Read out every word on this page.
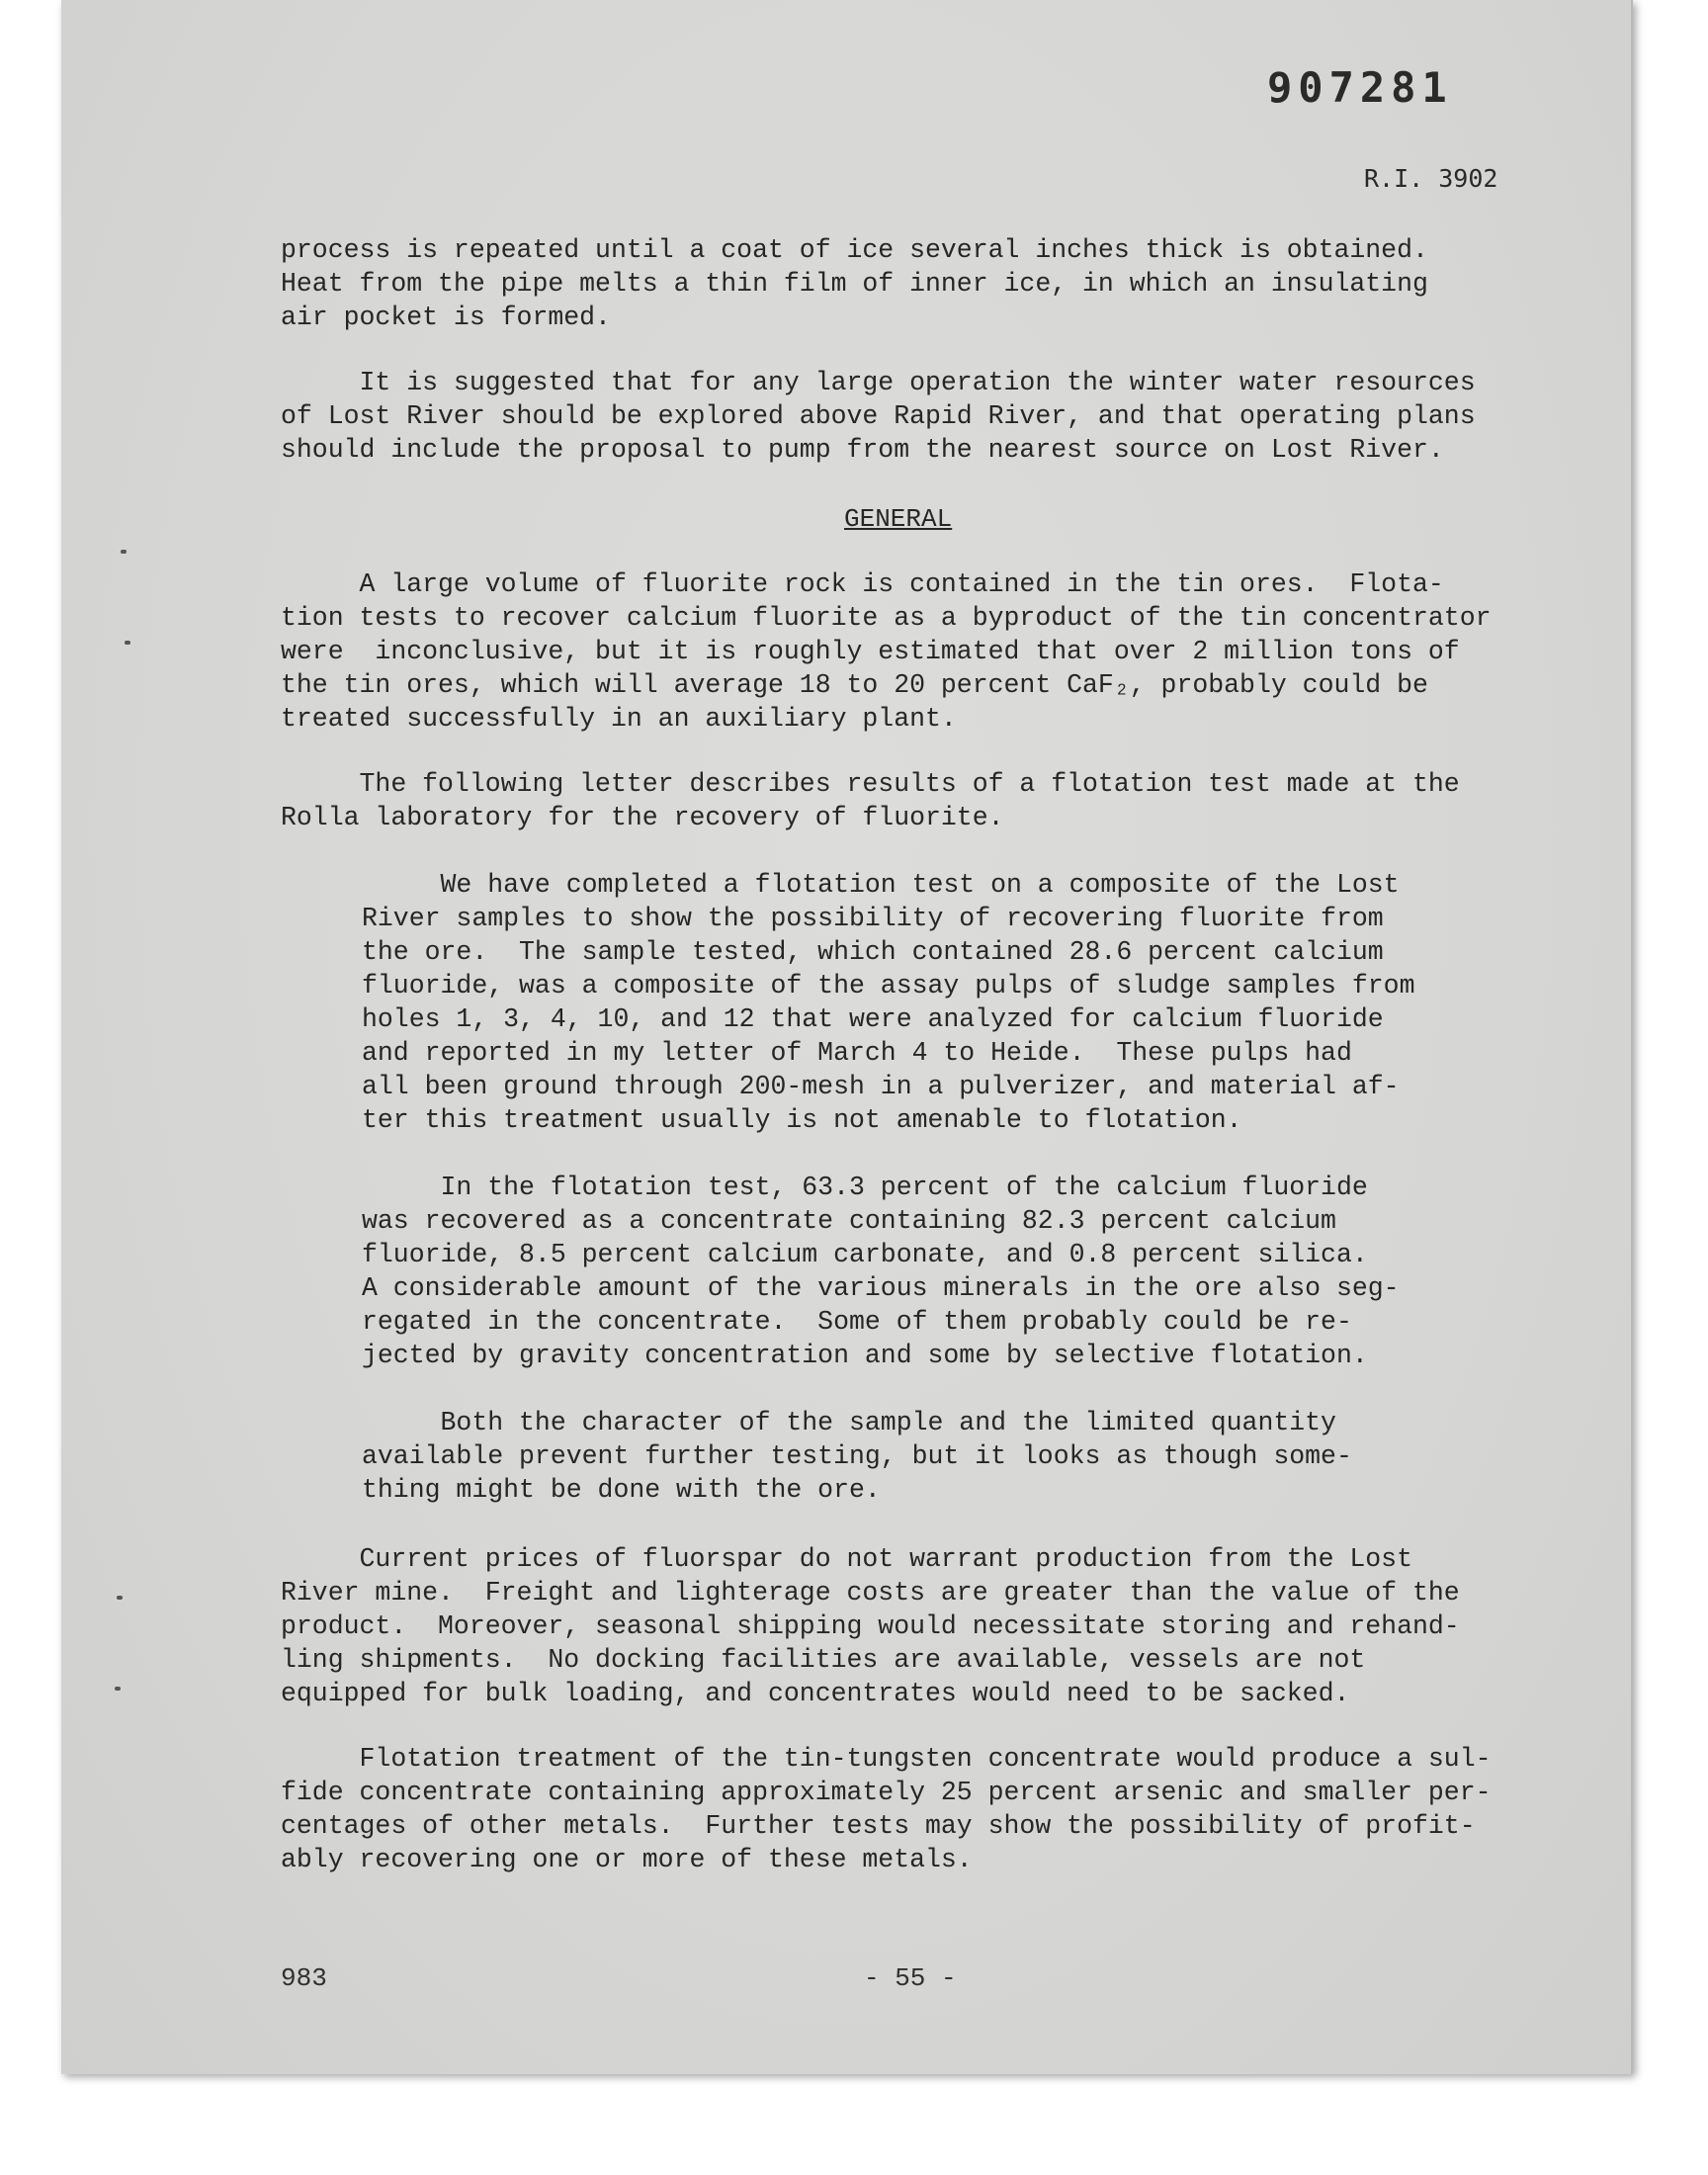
907281
R.I. 3902
process is repeated until a coat of ice several inches thick is obtained.
Heat from the pipe melts a thin film of inner ice, in which an insulating
air pocket is formed.
It is suggested that for any large operation the winter water resources
of Lost River should be explored above Rapid River, and that operating plans
should include the proposal to pump from the nearest source on Lost River.
GENERAL
A large volume of fluorite rock is contained in the tin ores.  Flota-
tion tests to recover calcium fluorite as a byproduct of the tin concentrator
were  inconclusive, but it is roughly estimated that over 2 million tons of
the tin ores, which will average 18 to 20 percent CaF₂, probably could be
treated successfully in an auxiliary plant.
The following letter describes results of a flotation test made at the
Rolla laboratory for the recovery of fluorite.
We have completed a flotation test on a composite of the Lost
River samples to show the possibility of recovering fluorite from
the ore.  The sample tested, which contained 28.6 percent calcium
fluoride, was a composite of the assay pulps of sludge samples from
holes 1, 3, 4, 10, and 12 that were analyzed for calcium fluoride
and reported in my letter of March 4 to Heide.  These pulps had
all been ground through 200-mesh in a pulverizer, and material af-
ter this treatment usually is not amenable to flotation.
In the flotation test, 63.3 percent of the calcium fluoride
was recovered as a concentrate containing 82.3 percent calcium
fluoride, 8.5 percent calcium carbonate, and 0.8 percent silica.
A considerable amount of the various minerals in the ore also seg-
regated in the concentrate.  Some of them probably could be re-
jected by gravity concentration and some by selective flotation.
Both the character of the sample and the limited quantity
available prevent further testing, but it looks as though some-
thing might be done with the ore.
Current prices of fluorspar do not warrant production from the Lost
River mine.  Freight and lighterage costs are greater than the value of the
product.  Moreover, seasonal shipping would necessitate storing and rehand-
ling shipments.  No docking facilities are available, vessels are not
equipped for bulk loading, and concentrates would need to be sacked.
Flotation treatment of the tin-tungsten concentrate would produce a sul-
fide concentrate containing approximately 25 percent arsenic and smaller per-
centages of other metals.  Further tests may show the possibility of profit-
ably recovering one or more of these metals.
983	- 55 -
